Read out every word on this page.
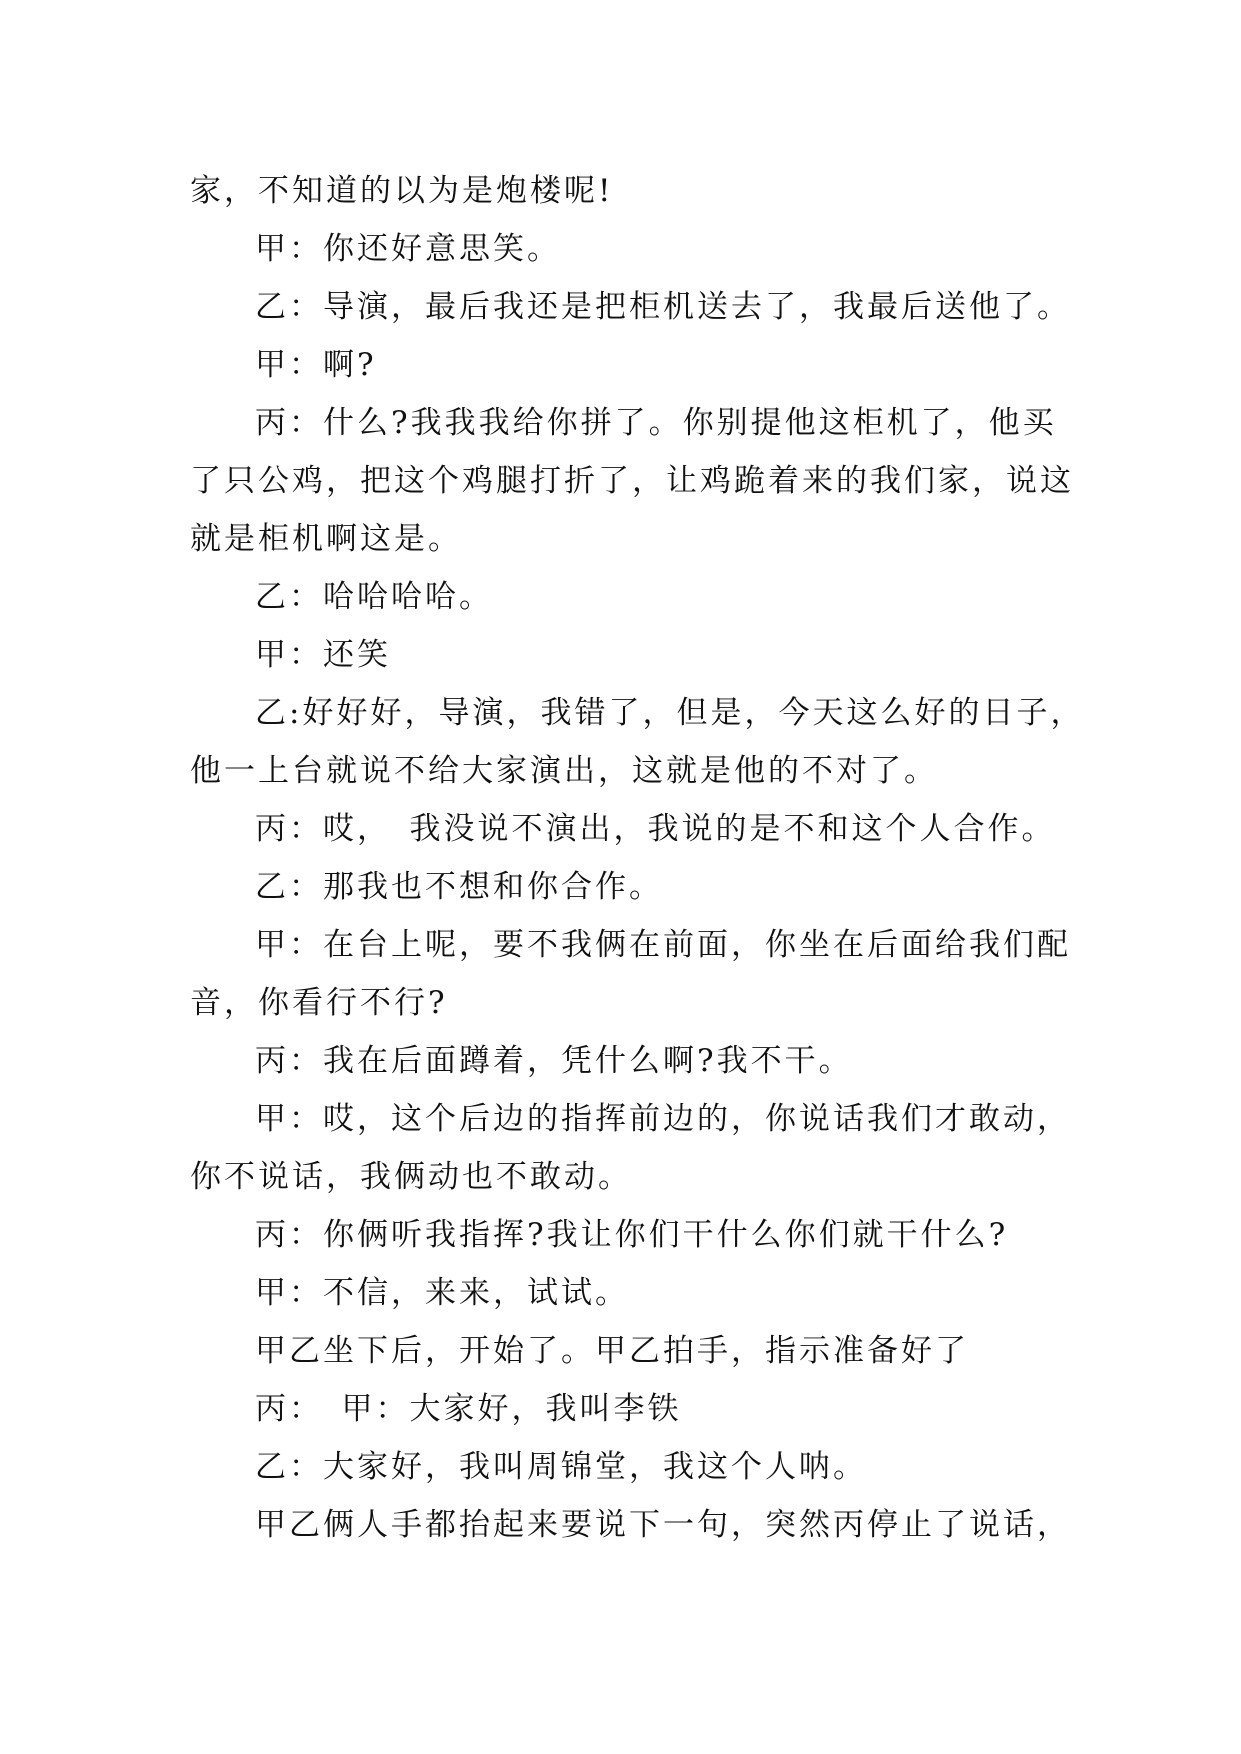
家，不知道的以为是炮楼呢!
甲：你还好意思笑。
乙：导演，最后我还是把柜机送去了，我最后送他了。
甲：啊?
丙：什么?我我我给你拼了。你别提他这柜机了，他买
了只公鸡，把这个鸡腿打折了，让鸡跪着来的我们家，说这
就是柜机啊这是。
乙：哈哈哈哈。
甲：还笑
乙:好好好，导演，我错了，但是，今天这么好的日子，
他一上台就说不给大家演出，这就是他的不对了。
丙：哎，　我没说不演出，我说的是不和这个人合作。
乙：那我也不想和你合作。
甲：在台上呢，要不我俩在前面，你坐在后面给我们配
音，你看行不行?
丙：我在后面蹲着，凭什么啊?我不干。
甲：哎，这个后边的指挥前边的，你说话我们才敢动，
你不说话，我俩动也不敢动。
丙：你俩听我指挥?我让你们干什么你们就干什么?
甲：不信，来来，试试。
甲乙坐下后，开始了。甲乙拍手，指示准备好了
丙：　甲：大家好，我叫李铁
乙：大家好，我叫周锦堂，我这个人呐。
甲乙俩人手都抬起来要说下一句，突然丙停止了说话，
